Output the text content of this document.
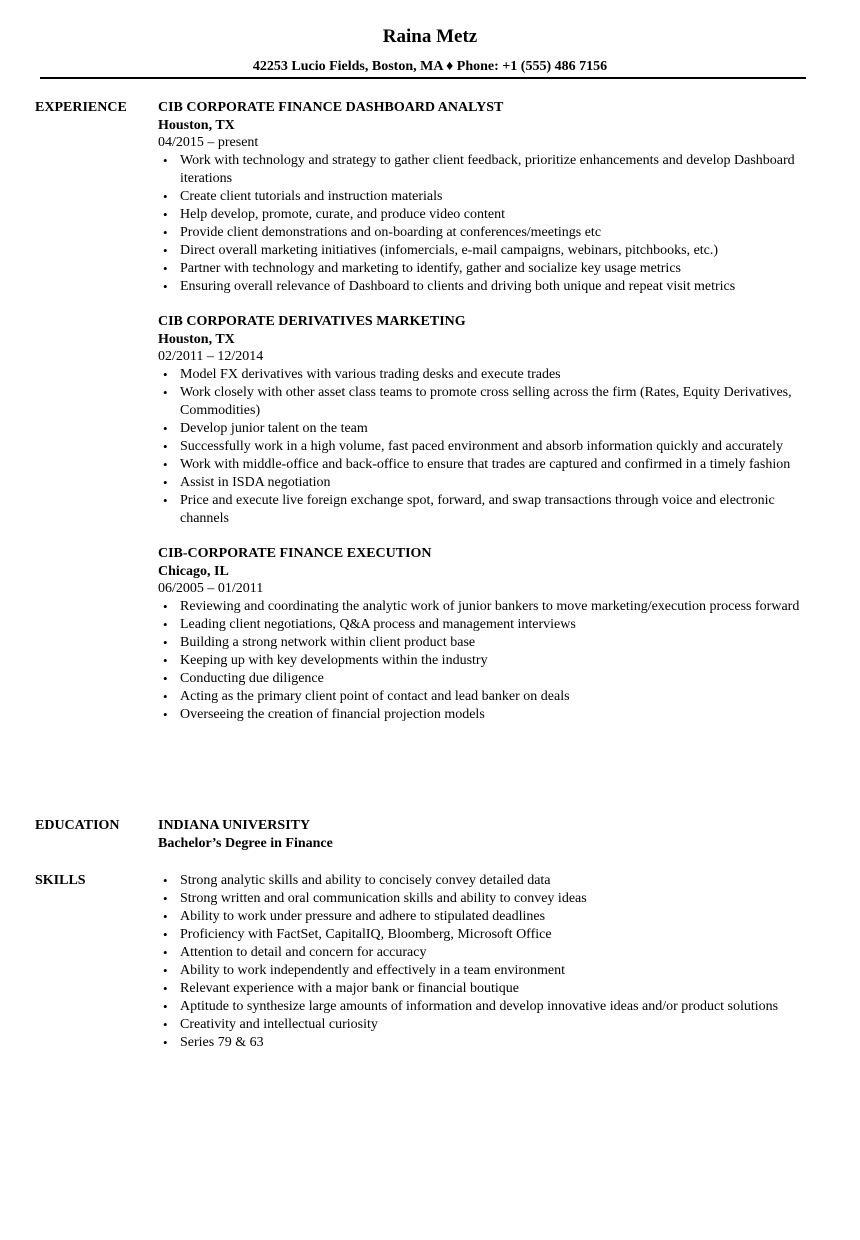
Raina Metz
42253 Lucio Fields, Boston, MA ♦ Phone: +1 (555) 486 7156
EXPERIENCE	CIB CORPORATE FINANCE DASHBOARD ANALYST
Houston, TX
04/2015 – present
• Work with technology and strategy to gather client feedback, prioritize enhancements and develop Dashboard iterations
• Create client tutorials and instruction materials
• Help develop, promote, curate, and produce video content
• Provide client demonstrations and on-boarding at conferences/meetings etc
• Direct overall marketing initiatives (infomercials, e-mail campaigns, webinars, pitchbooks, etc.)
• Partner with technology and marketing to identify, gather and socialize key usage metrics
• Ensuring overall relevance of Dashboard to clients and driving both unique and repeat visit metrics
CIB CORPORATE DERIVATIVES MARKETING
Houston, TX
02/2011 – 12/2014
• Model FX derivatives with various trading desks and execute trades
• Work closely with other asset class teams to promote cross selling across the firm (Rates, Equity Derivatives, Commodities)
• Develop junior talent on the team
• Successfully work in a high volume, fast paced environment and absorb information quickly and accurately
• Work with middle-office and back-office to ensure that trades are captured and confirmed in a timely fashion
• Assist in ISDA negotiation
• Price and execute live foreign exchange spot, forward, and swap transactions through voice and electronic channels
CIB-CORPORATE FINANCE EXECUTION
Chicago, IL
06/2005 – 01/2011
• Reviewing and coordinating the analytic work of junior bankers to move marketing/execution process forward
• Leading client negotiations, Q&A process and management interviews
• Building a strong network within client product base
• Keeping up with key developments within the industry
• Conducting due diligence
• Acting as the primary client point of contact and lead banker on deals
• Overseeing the creation of financial projection models
EDUCATION	INDIANA UNIVERSITY
Bachelor’s Degree in Finance
SKILLS
•	Strong analytic skills and ability to concisely convey detailed data
• Strong written and oral communication skills and ability to convey ideas
• Ability to work under pressure and adhere to stipulated deadlines
• Proficiency with FactSet, CapitalIQ, Bloomberg, Microsoft Office
• Attention to detail and concern for accuracy
• Ability to work independently and effectively in a team environment
• Relevant experience with a major bank or financial boutique
• Aptitude to synthesize large amounts of information and develop innovative ideas and/or product solutions
• Creativity and intellectual curiosity
• Series 79 & 63
